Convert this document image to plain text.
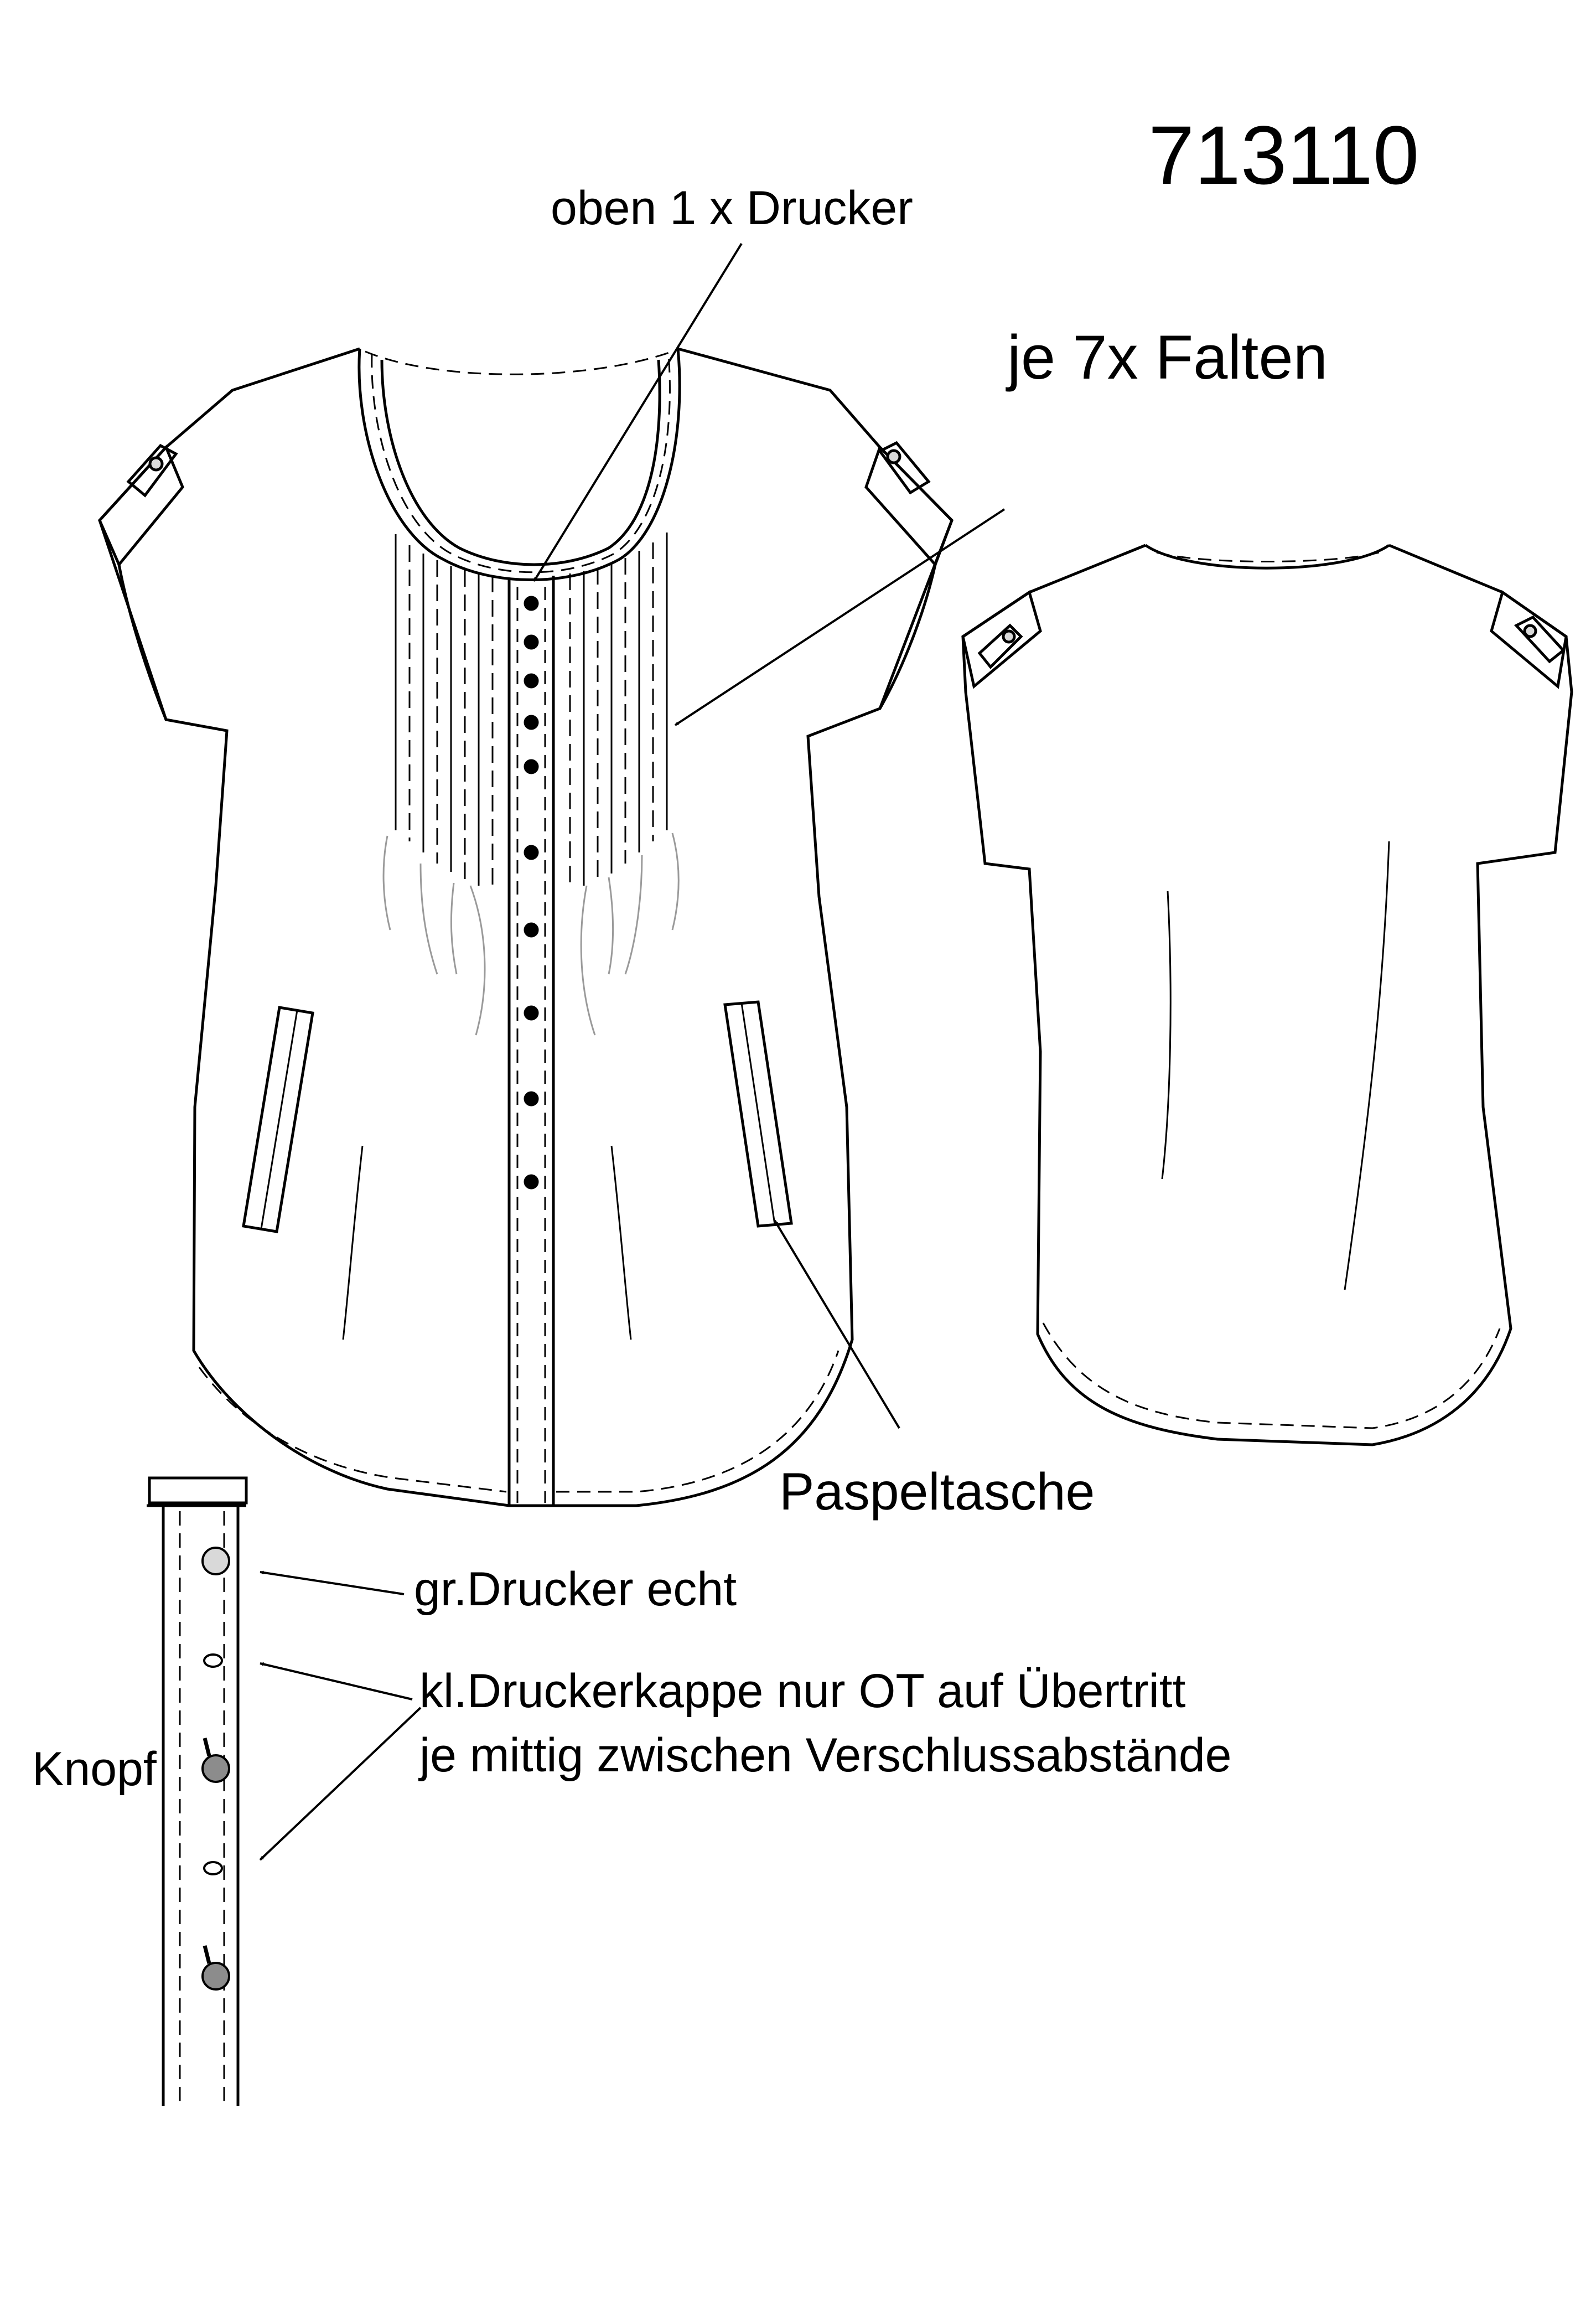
713110
oben 1 x Drucker
je 7x Falten
Paspeltasche
gr.Drucker echt
kl.Druckerkappe nur OT auf Übertritt
je mittig zwischen Verschlussabstände
Knopf
